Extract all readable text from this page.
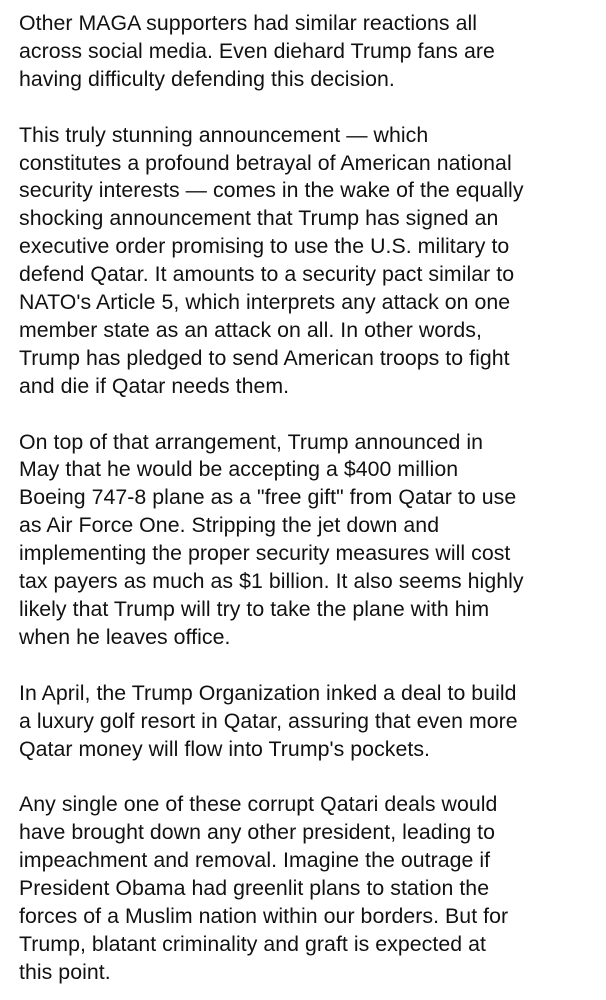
Other MAGA supporters had similar reactions all
across social media. Even diehard Trump fans are
having difficulty defending this decision.

This truly stunning announcement — which
constitutes a profound betrayal of American national
security interests — comes in the wake of the equally
shocking announcement that Trump has signed an
executive order promising to use the U.S. military to
defend Qatar. It amounts to a security pact similar to
NATO's Article 5, which interprets any attack on one
member state as an attack on all. In other words,
Trump has pledged to send American troops to fight
and die if Qatar needs them.

On top of that arrangement, Trump announced in
May that he would be accepting a $400 million
Boeing 747-8 plane as a "free gift" from Qatar to use
as Air Force One. Stripping the jet down and
implementing the proper security measures will cost
tax payers as much as $1 billion. It also seems highly
likely that Trump will try to take the plane with him
when he leaves office.

In April, the Trump Organization inked a deal to build
a luxury golf resort in Qatar, assuring that even more
Qatar money will flow into Trump's pockets.

Any single one of these corrupt Qatari deals would
have brought down any other president, leading to
impeachment and removal. Imagine the outrage if
President Obama had greenlit plans to station the
forces of a Muslim nation within our borders. But for
Trump, blatant criminality and graft is expected at
this point.
